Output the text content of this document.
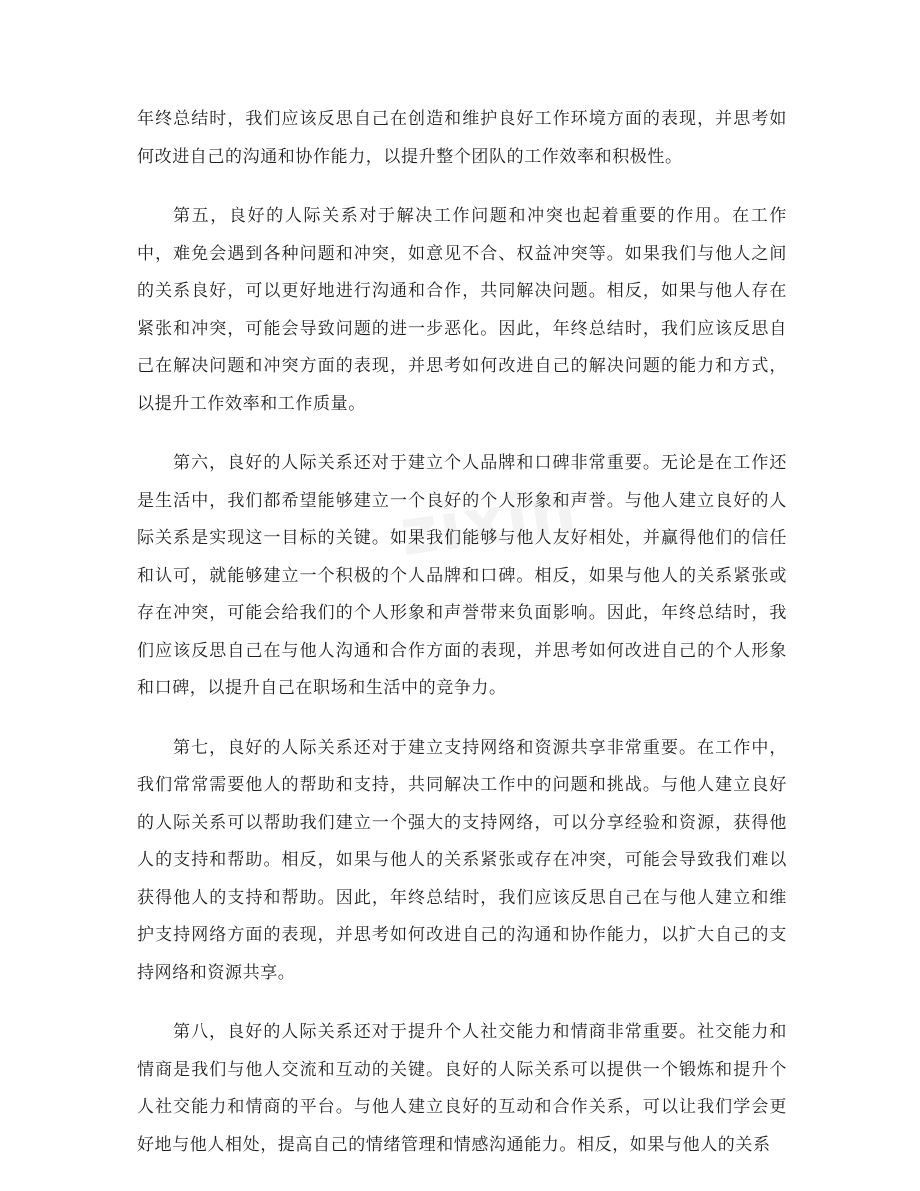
zixin

年终总结时，我们应该反思自己在创造和维护良好工作环境方面的表现，并思考如何改进自己的沟通和协作能力，以提升整个团队的工作效率和积极性。

第五，良好的人际关系对于解决工作问题和冲突也起着重要的作用。在工作中，难免会遇到各种问题和冲突，如意见不合、权益冲突等。如果我们与他人之间的关系良好，可以更好地进行沟通和合作，共同解决问题。相反，如果与他人存在紧张和冲突，可能会导致问题的进一步恶化。因此，年终总结时，我们应该反思自己在解决问题和冲突方面的表现，并思考如何改进自己的解决问题的能力和方式，以提升工作效率和工作质量。

第六，良好的人际关系还对于建立个人品牌和口碑非常重要。无论是在工作还是生活中，我们都希望能够建立一个良好的个人形象和声誉。与他人建立良好的人际关系是实现这一目标的关键。如果我们能够与他人友好相处，并赢得他们的信任和认可，就能够建立一个积极的个人品牌和口碑。相反，如果与他人的关系紧张或存在冲突，可能会给我们的个人形象和声誉带来负面影响。因此，年终总结时，我们应该反思自己在与他人沟通和合作方面的表现，并思考如何改进自己的个人形象和口碑，以提升自己在职场和生活中的竞争力。

第七，良好的人际关系还对于建立支持网络和资源共享非常重要。在工作中，我们常常需要他人的帮助和支持，共同解决工作中的问题和挑战。与他人建立良好的人际关系可以帮助我们建立一个强大的支持网络，可以分享经验和资源，获得他人的支持和帮助。相反，如果与他人的关系紧张或存在冲突，可能会导致我们难以获得他人的支持和帮助。因此，年终总结时，我们应该反思自己在与他人建立和维护支持网络方面的表现，并思考如何改进自己的沟通和协作能力，以扩大自己的支持网络和资源共享。

第八，良好的人际关系还对于提升个人社交能力和情商非常重要。社交能力和情商是我们与他人交流和互动的关键。良好的人际关系可以提供一个锻炼和提升个人社交能力和情商的平台。与他人建立良好的互动和合作关系，可以让我们学会更好地与他人相处，提高自己的情绪管理和情感沟通能力。相反，如果与他人的关系
